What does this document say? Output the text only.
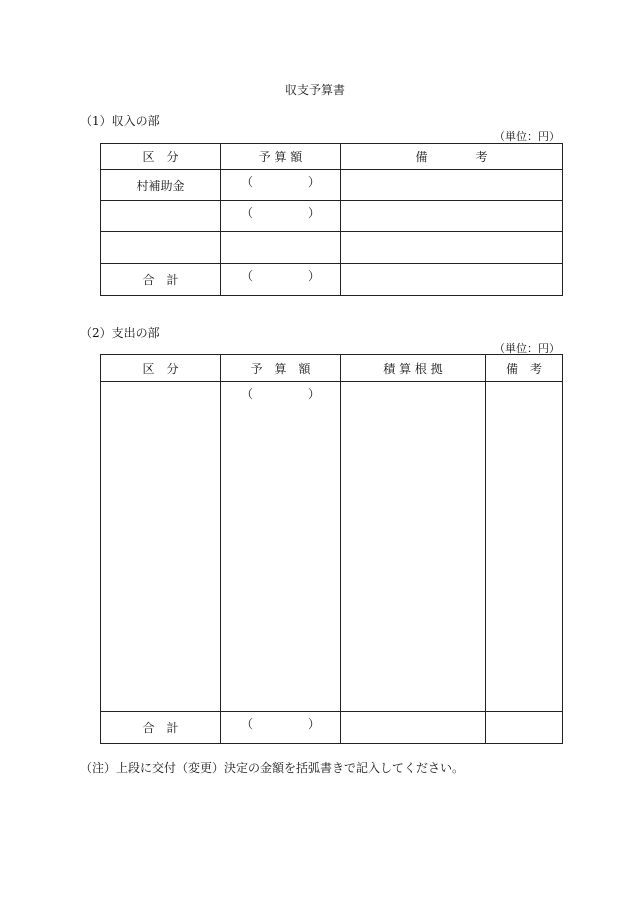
収支予算書
（1）収入の部
（単位：円）
区　分	予 算 額	備　　　　考
村補助金	（ ）	

	（ ）	

合　計	（ ）	

（2）支出の部
（単位：円）
区　分	予　算　額	積 算 根 拠	備　考

	（ ）		

合　計	（ ）		

（注）上段に交付（変更）決定の金額を括弧書きで記入してください。
